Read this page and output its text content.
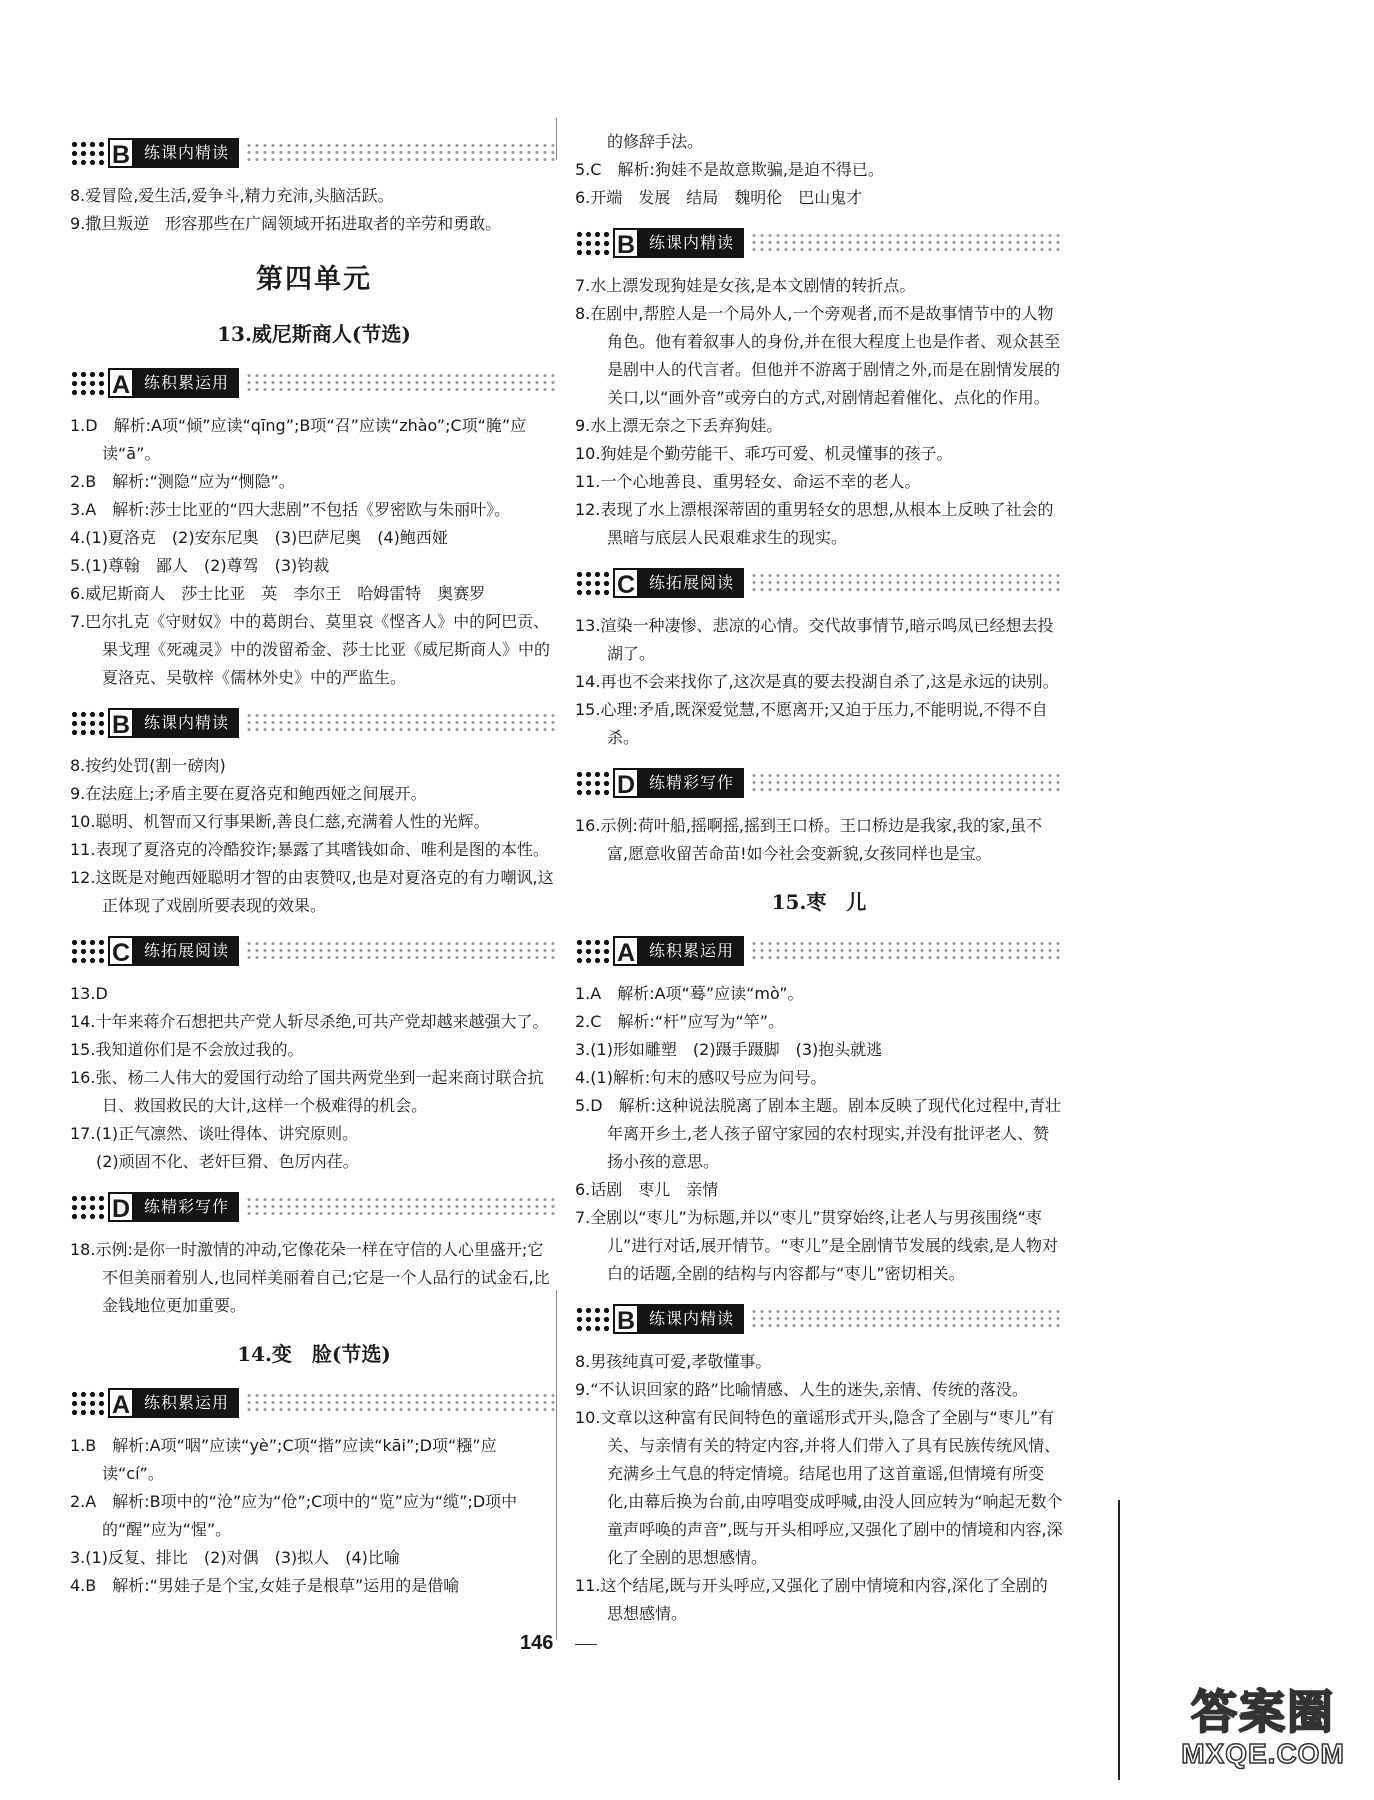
B 练课内精读
8.爱冒险,爱生活,爱争斗,精力充沛,头脑活跃。
9.撒旦叛逆　形容那些在广阔领域开拓进取者的辛劳和勇敢。
第四单元
13.威尼斯商人(节选)
A 练积累运用
1.D　解析:A项“倾”应读“qīng”;B项“召”应读“zhào”;C项“腌”应读“ā”。
2.B　解析:“测隐”应为“恻隐”。
3.A　解析:莎士比亚的“四大悲剧”不包括《罗密欧与朱丽叶》。
4.(1)夏洛克　(2)安东尼奥　(3)巴萨尼奥　(4)鲍西娅
5.(1)尊翰　鄙人　(2)尊驾　(3)钧裁
6.威尼斯商人　莎士比亚　英　李尔王　哈姆雷特　奥赛罗
7.巴尔扎克《守财奴》中的葛朗台、莫里哀《悭吝人》中的阿巴贡、果戈理《死魂灵》中的泼留希金、莎士比亚《威尼斯商人》中的夏洛克、吴敬梓《儒林外史》中的严监生。
B 练课内精读
8.按约处罚(割一磅肉)
9.在法庭上;矛盾主要在夏洛克和鲍西娅之间展开。
10.聪明、机智而又行事果断,善良仁慈,充满着人性的光辉。
11.表现了夏洛克的冷酷狡诈;暴露了其嗜钱如命、唯利是图的本性。
12.这既是对鲍西娅聪明才智的由衷赞叹,也是对夏洛克的有力嘲讽,这正体现了戏剧所要表现的效果。
C 练拓展阅读
13.D
14.十年来蒋介石想把共产党人斩尽杀绝,可共产党却越来越强大了。
15.我知道你们是不会放过我的。
16.张、杨二人伟大的爱国行动给了国共两党坐到一起来商讨联合抗日、救国救民的大计,这样一个极难得的机会。
17.(1)正气凛然、谈吐得体、讲究原则。
(2)顽固不化、老奸巨猾、色厉内荏。
D 练精彩写作
18.示例:是你一时激情的冲动,它像花朵一样在守信的人心里盛开;它不但美丽着别人,也同样美丽着自己;它是一个人品行的试金石,比金钱地位更加重要。
14.变　脸(节选)
A 练积累运用
1.B　解析:A项“咽”应读“yè”;C项“揩”应读“kāi”;D项“糨”应读“cí”。
2.A　解析:B项中的“沧”应为“伧”;C项中的“览”应为“缆”;D项中的“醒”应为“惺”。
3.(1)反复、排比　(2)对偶　(3)拟人　(4)比喻
4.B　解析:“男娃子是个宝,女娃子是根草”运用的是借喻
的修辞手法。
5.C　解析:狗娃不是故意欺骗,是迫不得已。
6.开端　发展　结局　魏明伦　巴山鬼才
B 练课内精读
7.水上漂发现狗娃是女孩,是本文剧情的转折点。
8.在剧中,帮腔人是一个局外人,一个旁观者,而不是故事情节中的人物角色。他有着叙事人的身份,并在很大程度上也是作者、观众甚至是剧中人的代言者。但他并不游离于剧情之外,而是在剧情发展的关口,以“画外音”或旁白的方式,对剧情起着催化、点化的作用。
9.水上漂无奈之下丢弃狗娃。
10.狗娃是个勤劳能干、乖巧可爱、机灵懂事的孩子。
11.一个心地善良、重男轻女、命运不幸的老人。
12.表现了水上漂根深蒂固的重男轻女的思想,从根本上反映了社会的黑暗与底层人民艰难求生的现实。
C 练拓展阅读
13.渲染一种凄惨、悲凉的心情。交代故事情节,暗示鸣凤已经想去投湖了。
14.再也不会来找你了,这次是真的要去投湖自杀了,这是永远的诀别。
15.心理:矛盾,既深爱觉慧,不愿离开;又迫于压力,不能明说,不得不自杀。
D 练精彩写作
16.示例:荷叶船,摇啊摇,摇到王口桥。王口桥边是我家,我的家,虽不富,愿意收留苦命苗!如今社会变新貌,女孩同样也是宝。
15.枣　儿
A 练积累运用
1.A　解析:A项“蓦”应读“mò”。
2.C　解析:“杆”应写为“竿”。
3.(1)形如雕塑　(2)蹑手蹑脚　(3)抱头就逃
4.(1)解析:句末的感叹号应为问号。
5.D　解析:这种说法脱离了剧本主题。剧本反映了现代化过程中,青壮年离开乡土,老人孩子留守家园的农村现实,并没有批评老人、赞扬小孩的意思。
6.话剧　枣儿　亲情
7.全剧以“枣儿”为标题,并以“枣儿”贯穿始终,让老人与男孩围绕“枣儿”进行对话,展开情节。“枣儿”是全剧情节发展的线索,是人物对白的话题,全剧的结构与内容都与“枣儿”密切相关。
B 练课内精读
8.男孩纯真可爱,孝敬懂事。
9.“不认识回家的路”比喻情感、人生的迷失,亲情、传统的落没。
10.文章以这种富有民间特色的童谣形式开头,隐含了全剧与“枣儿”有关、与亲情有关的特定内容,并将人们带入了具有民族传统风情、充满乡土气息的特定情境。结尾也用了这首童谣,但情境有所变化,由幕后换为台前,由哼唱变成呼喊,由没人回应转为“响起无数个童声呼唤的声音”,既与开头相呼应,又强化了剧中的情境和内容,深化了全剧的思想感情。
11.这个结尾,既与开头呼应,又强化了剧中情境和内容,深化了全剧的思想感情。
146
答案圈
MXQE.COM
